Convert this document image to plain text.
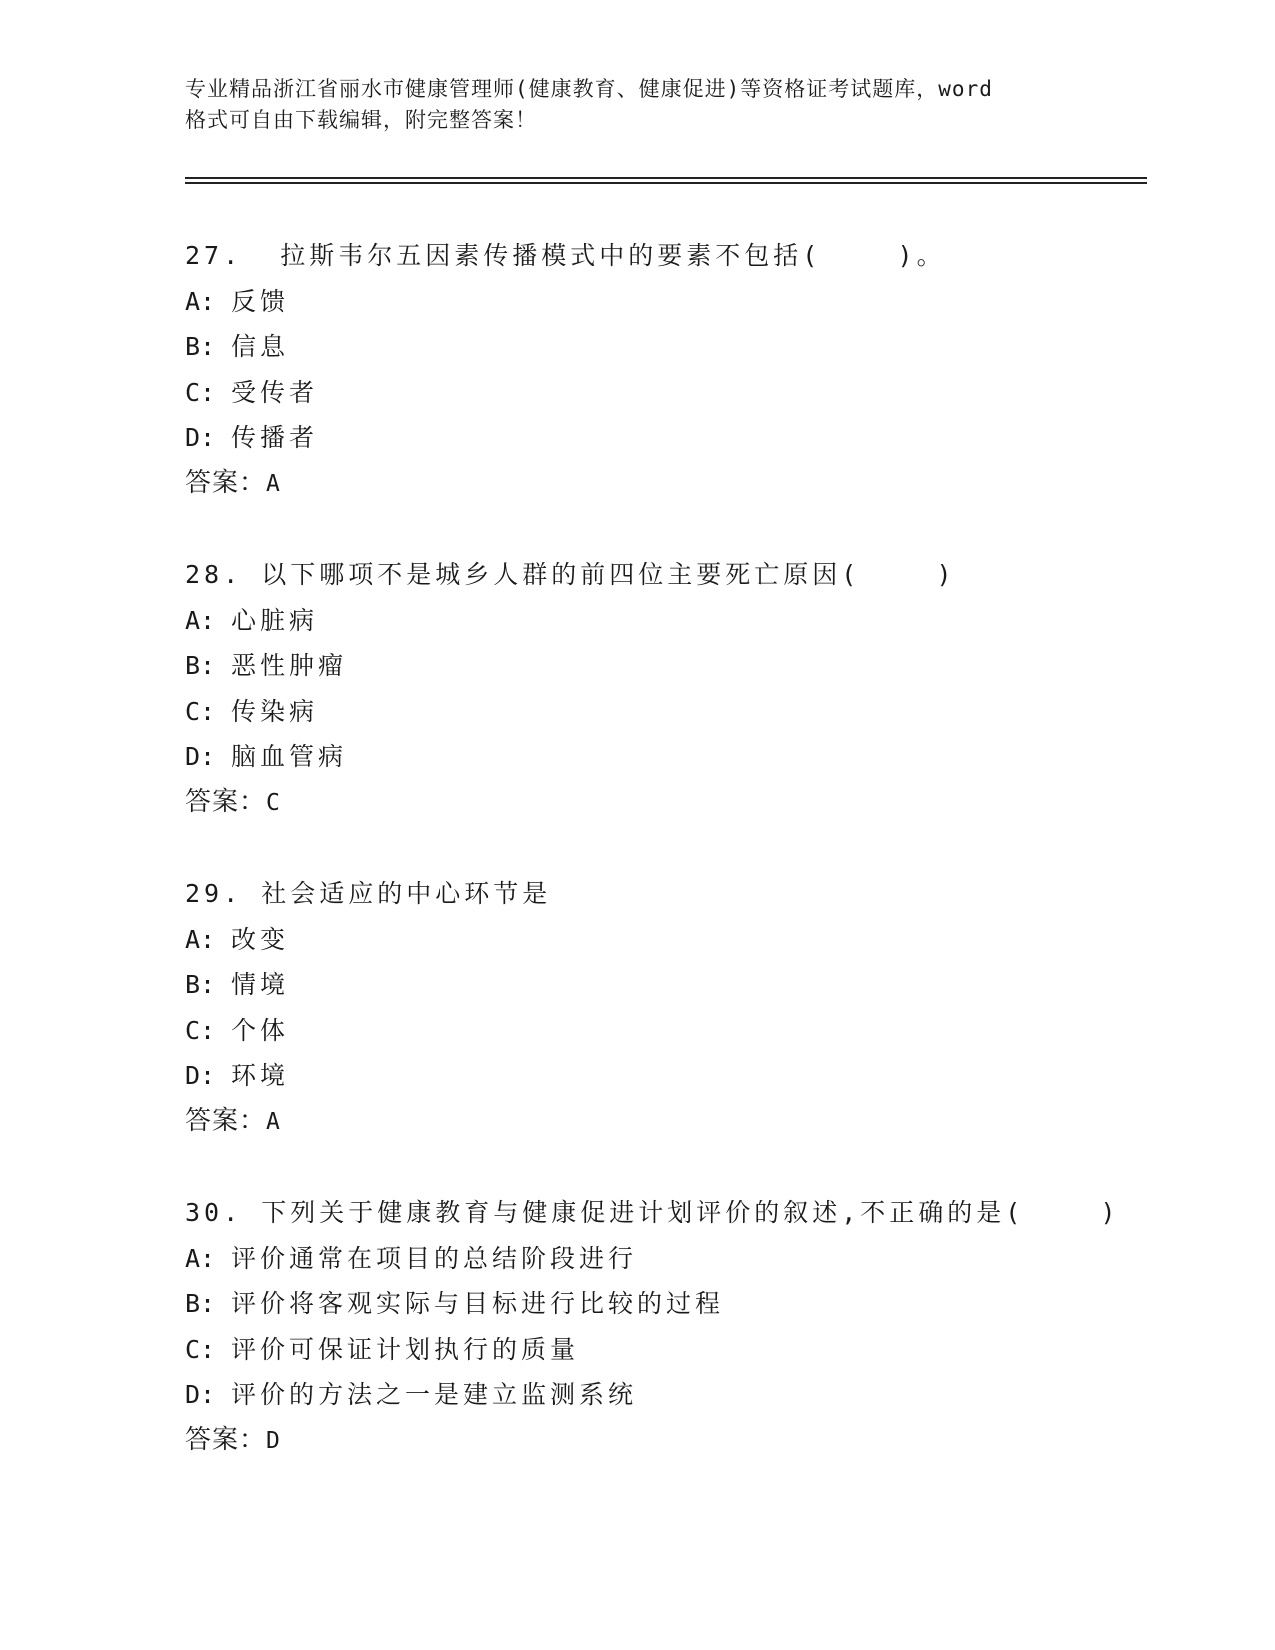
专业精品浙江省丽水市健康管理师(健康教育、健康促进)等资格证考试题库，word
格式可自由下载编辑，附完整答案！
27.  拉斯韦尔五因素传播模式中的要素不包括(    )。
A: 反馈
B: 信息
C: 受传者
D: 传播者
答案：A
28. 以下哪项不是城乡人群的前四位主要死亡原因(    )
A: 心脏病
B: 恶性肿瘤
C: 传染病
D: 脑血管病
答案：C
29. 社会适应的中心环节是
A: 改变
B: 情境
C: 个体
D: 环境
答案：A
30. 下列关于健康教育与健康促进计划评价的叙述,不正确的是(    )
A: 评价通常在项目的总结阶段进行
B: 评价将客观实际与目标进行比较的过程
C: 评价可保证计划执行的质量
D: 评价的方法之一是建立监测系统
答案：D
